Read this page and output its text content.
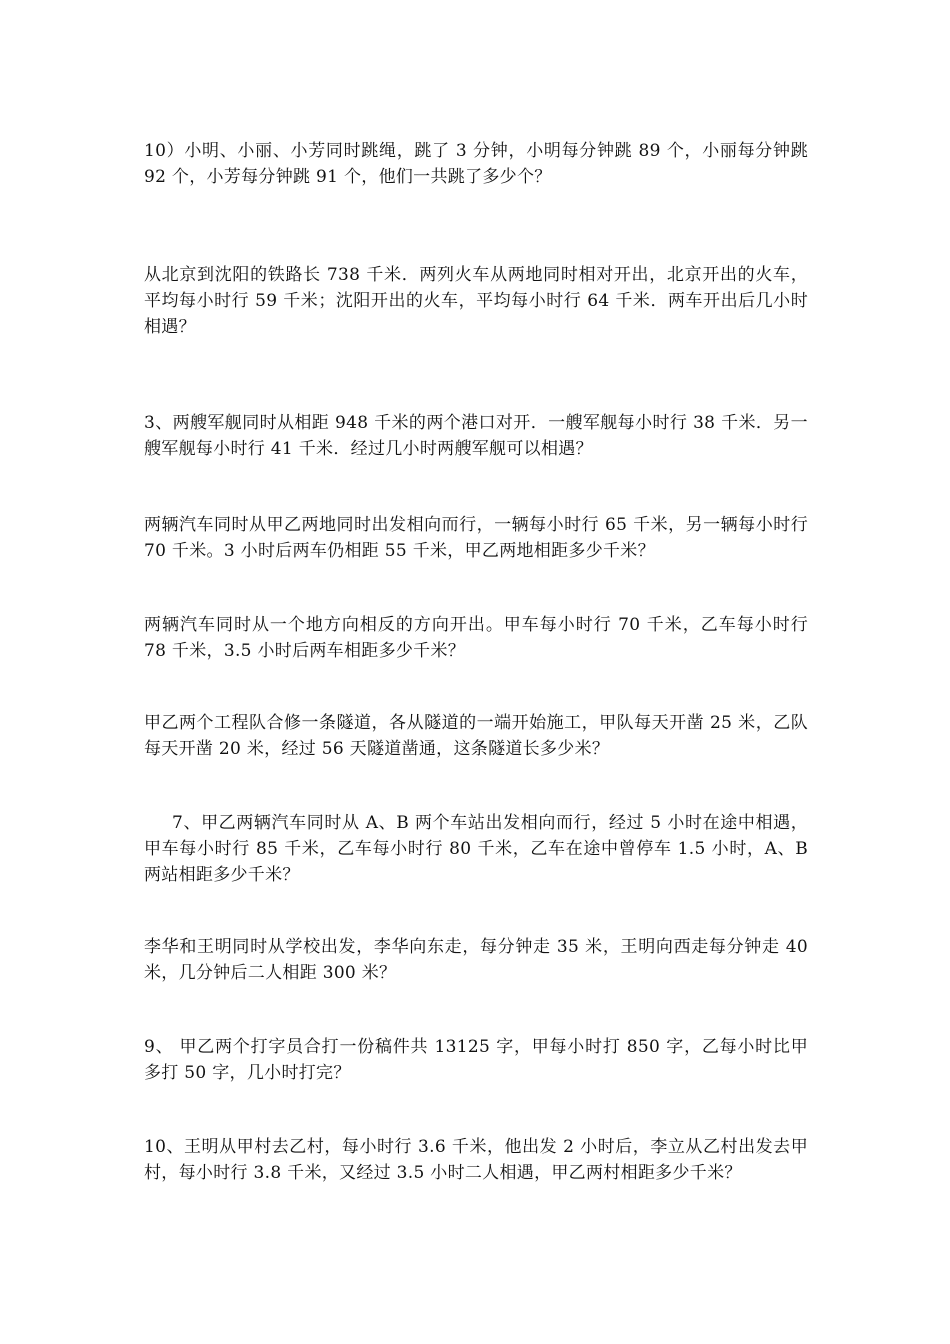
10）小明、小丽、小芳同时跳绳，跳了 3 分钟，小明每分钟跳 89 个，小丽每分钟跳 92 个，小芳每分钟跳 91 个，他们一共跳了多少个？

从北京到沈阳的铁路长 738 千米．两列火车从两地同时相对开出，北京开出的火车，平均每小时行 59 千米；沈阳开出的火车，平均每小时行 64 千米．两车开出后几小时相遇？

3、两艘军舰同时从相距 948 千米的两个港口对开．一艘军舰每小时行 38 千米．另一艘军舰每小时行 41 千米．经过几小时两艘军舰可以相遇？

两辆汽车同时从甲乙两地同时出发相向而行，一辆每小时行 65 千米，另一辆每小时行 70 千米。3 小时后两车仍相距 55 千米，甲乙两地相距多少千米？

两辆汽车同时从一个地方向相反的方向开出。甲车每小时行 70 千米，乙车每小时行 78 千米，3.5 小时后两车相距多少千米？

甲乙两个工程队合修一条隧道，各从隧道的一端开始施工，甲队每天开凿 25 米，乙队每天开凿 20 米，经过 56 天隧道凿通，这条隧道长多少米？

7、甲乙两辆汽车同时从 A、B 两个车站出发相向而行，经过 5 小时在途中相遇，甲车每小时行 85 千米，乙车每小时行 80 千米，乙车在途中曾停车 1.5 小时，A、B 两站相距多少千米？

李华和王明同时从学校出发，李华向东走，每分钟走 35 米，王明向西走每分钟走 40 米，几分钟后二人相距 300 米？

9、 甲乙两个打字员合打一份稿件共 13125 字，甲每小时打 850 字，乙每小时比甲多打 50 字，几小时打完？

10、王明从甲村去乙村，每小时行 3.6 千米，他出发 2 小时后，李立从乙村出发去甲村，每小时行 3.8 千米，又经过 3.5 小时二人相遇，甲乙两村相距多少千米？
